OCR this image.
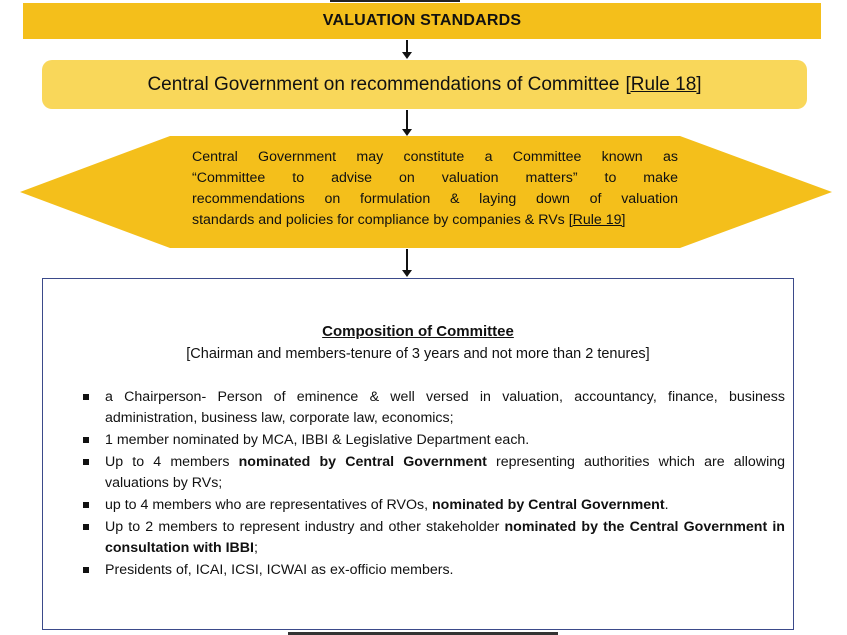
VALUATION STANDARDS
Central Government on recommendations of Committee [Rule 18]
Central Government may constitute a Committee known as
“Committee to advise on valuation matters” to make
recommendations on formulation & laying down of valuation
standards and policies for compliance by companies & RVs [Rule 19]
Composition of Committee
[Chairman and members-tenure of 3 years and not more than 2 tenures]
a Chairperson- Person of eminence & well versed in valuation, accountancy, finance, business administration, business law, corporate law, economics;
1 member nominated by MCA, IBBI & Legislative Department each.
Up to 4 members nominated by Central Government representing authorities which are allowing valuations by RVs;
up to 4 members who are representatives of RVOs, nominated by Central Government.
Up to 2 members to represent industry and other stakeholder nominated by the Central Government in consultation with IBBI;
Presidents of, ICAI, ICSI, ICWAI as ex-officio members.
